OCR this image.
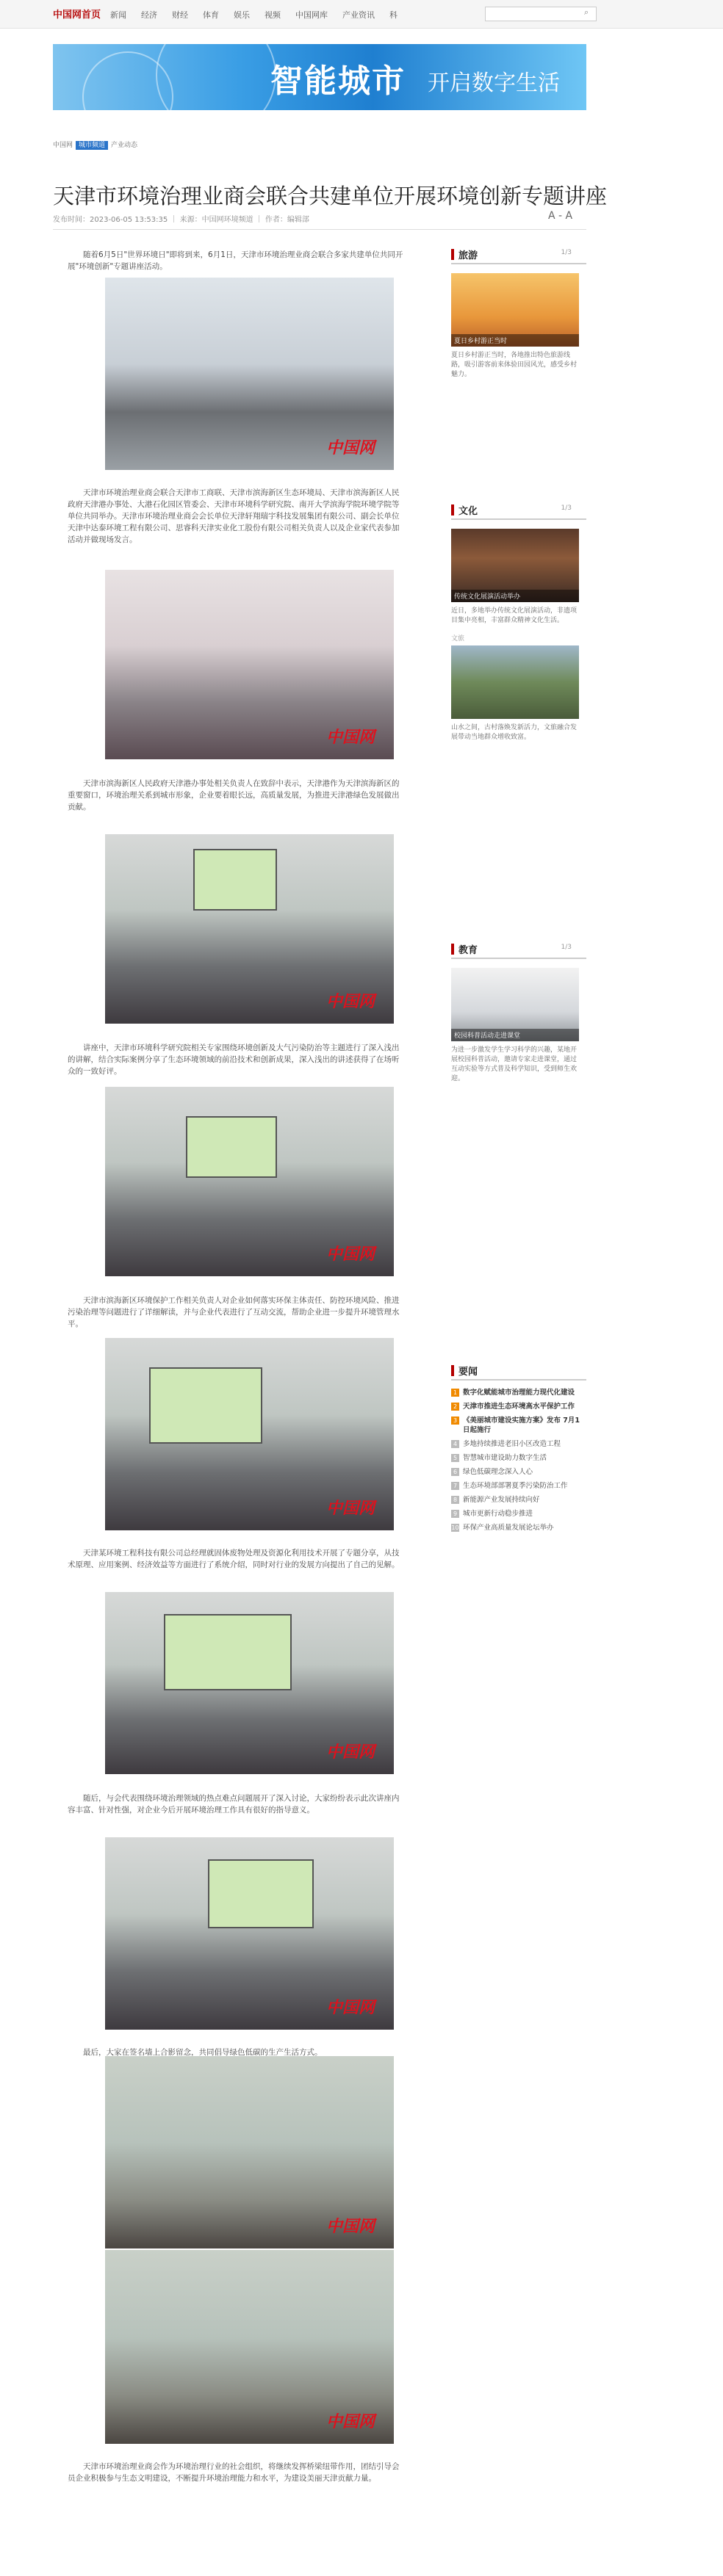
中国网首页 新闻 经济 财经 体育 娱乐 视频 中国网库 产业资讯 科	⌕
智能城市 开启数字生活
中国网 城市频道 产业动态
天津市环境治理业商会联合共建单位开展环境创新专题讲座
发布时间：2023-06-05 13:53:35 ｜ 来源：中国网环境频道 ｜ 作者：编辑部	A - A

随着6月5日"世界环境日"即将到来，6月1日，天津市环境治理业商会联合多家共建单位共同开展"环境创新"专题讲座活动。

中国网

天津市环境治理业商会联合天津市工商联、天津市滨海新区生态环境局、天津市滨海新区人民政府天津港办事处、大港石化园区管委会、天津市环境科学研究院、南开大学滨海学院环境学院等单位共同举办。天津市环境治理业商会会长单位天津轩翔瑞宇科技发展集团有限公司、副会长单位天津中达泰环境工程有限公司、思睿科天津实业化工股份有限公司相关负责人以及企业家代表参加活动并做现场发言。

中国网

天津市滨海新区人民政府天津港办事处相关负责人在致辞中表示，天津港作为天津滨海新区的重要窗口，环境治理关系到城市形象，企业要着眼长远，高质量发展，为推进天津港绿色发展做出贡献。

中国网

讲座中，天津市环境科学研究院相关专家围绕环境创新及大气污染防治等主题进行了深入浅出的讲解，结合实际案例分享了生态环境领域的前沿技术和创新成果，深入浅出的讲述获得了在场听众的一致好评。

中国网

天津市滨海新区环境保护工作相关负责人对企业如何落实环保主体责任、防控环境风险、推进污染治理等问题进行了详细解读，并与企业代表进行了互动交流，帮助企业进一步提升环境管理水平。

中国网

天津某环境工程科技有限公司总经理就固体废物处理及资源化利用技术开展了专题分享，从技术原理、应用案例、经济效益等方面进行了系统介绍，同时对行业的发展方向提出了自己的见解。

中国网

随后，与会代表围绕环境治理领域的热点难点问题展开了深入讨论，大家纷纷表示此次讲座内容丰富、针对性强，对企业今后开展环境治理工作具有很好的指导意义。

中国网

最后，大家在签名墙上合影留念，共同倡导绿色低碳的生产生活方式。

中国网
中国网

天津市环境治理业商会作为环境治理行业的社会组织，将继续发挥桥梁纽带作用，团结引导会员企业积极参与生态文明建设，不断提升环境治理能力和水平，为建设美丽天津贡献力量。

旅游	1/3
夏日乡村游正当时
夏日乡村游正当时，各地推出特色旅游线路，吸引游客前来体验田园风光，感受乡村魅力。
文化	1/3
传统文化展演活动举办
近日，多地举办传统文化展演活动，非遗项目集中亮相，丰富群众精神文化生活。
文旅
山水之间，古村落焕发新活力，文旅融合发展带动当地群众增收致富。
教育	1/3
校园科普活动走进课堂
为进一步激发学生学习科学的兴趣，某地开展校园科普活动，邀请专家走进课堂，通过互动实验等方式普及科学知识，受到师生欢迎。
要闻
1 数字化赋能城市治理能力现代化建设
2 天津市推进生态环境高水平保护工作
3 《美丽城市建设实施方案》发布 7月1日起施行
4 多地持续推进老旧小区改造工程
5 智慧城市建设助力数字生活
6 绿色低碳理念深入人心
7 生态环境部部署夏季污染防治工作
8 新能源产业发展持续向好
9 城市更新行动稳步推进
10 环保产业高质量发展论坛举办
